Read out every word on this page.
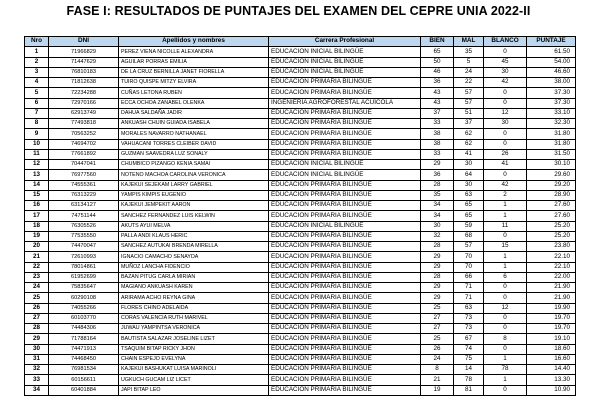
FASE I: RESULTADOS DE PUNTAJES DEL EXAMEN DEL CEPRE UNIA 2022-II
Nro	DNI	Apellidos y nombres	Carrera Profesional	BIEN	MAL	BLANCO	PUNTAJE
1	71966829	PEREZ VIENA NICOLLE ALEXANDRA	EDUCACION INICIAL BILINGÜE	65	35	0	61.50
2	71447629	AGUILAR PORRAS EMILIA	EDUCACION INICIAL BILINGÜE	50	5	45	54.00
3	76810183	DE LA CRUZ BERNILLA JANET FIORELLA	EDUCACION INICIAL BILINGÜE	46	24	30	46.60
4	71812638	TUIRO QUISPE MITZY ELVIRA	EDUCACION PRIMARIA BILINGÜE	36	22	42	38.00
5	72234288	CUÑAS LETONA RUBEN	EDUCACION PRIMARIA BILINGÜE	43	57	0	37.30
6	72970166	ECCA OCHOA ZANABEL OLENKA	INGENIERÍA AGROFORESTAL ACUÍCOLA	43	57	0	37.30
7	62913749	DAHUA SALDAÑA JADIR	EDUCACION PRIMARIA BILINGÜE	37	51	12	33.10
8	77493818	ANKUASH CHUIN GUIADA ISABELA	EDUCACION PRIMARIA BILINGÜE	33	37	30	32.30
9	70563252	MORALES NAVARRO NATHANAEL	EDUCACION PRIMARIA BILINGÜE	38	62	0	31.80
10	74694702	VAHUACANI TORRES CLEIBER DAVID	EDUCACION PRIMARIA BILINGÜE	38	62	0	31.80
11	77661892	GUZMAN SAAVEDRA LUZ SONALY	EDUCACION PRIMARIA BILINGÜE	33	41	26	31.50
12	70447041	CHUMBICO PIZANGO KENIA SAMAI	EDUCACION INICIAL BILINGÜE	29	30	41	30.10
13	76977560	NOTENO MACHOA CAROLINA VERONICA	EDUCACION INICIAL BILINGÜE	36	64	0	29.60
14	74555361	KAJEKUI SEJEKAM LARRY GABRIEL	EDUCACION PRIMARIA BILINGÜE	28	30	42	29.20
15	76313229	YAMPIS KIMPIS EUGENIO	EDUCACION PRIMARIA BILINGÜE	35	63	2	28.90
16	63134127	KAJEKUI JEMPEKIT AARON	EDUCACION PRIMARIA BILINGÜE	34	65	1	27.60
17	74751144	SANCHEZ FERNANDEZ LUIS KELWIN	EDUCACION PRIMARIA BILINGÜE	34	65	1	27.60
18	76305526	AKUTS AYUI MELVA	EDUCACION INICIAL BILINGÜE	30	59	11	25.20
19	77535550	PALLA ANDI KLAUS HERIC	EDUCACION PRIMARIA BILINGÜE	32	68	0	25.20
20	74470047	SANCHEZ AUTUKAI BRENDA MIRELLA	EDUCACION PRIMARIA BILINGÜE	28	57	15	23.80
21	72610993	IGNACIO CAMACHO SENAYDA	EDUCACION PRIMARIA BILINGÜE	29	70	1	22.10
22	78014861	MUÑOZ LANCHA FIDENCIO	EDUCACION PRIMARIA BILINGÜE	29	70	1	22.10
23	61952699	BAZAN PITUG CARLA MIRIAN	EDUCACION PRIMARIA BILINGÜE	28	66	6	22.00
24	75835647	MAGIANO ANKUASH KAREN	EDUCACION PRIMARIA BILINGÜE	29	71	0	21.90
25	60290108	ARIRAMA ACHO REYNA GINA	EDUCACION PRIMARIA BILINGÜE	29	71	0	21.90
26	74055266	FLORES CHINO ADELAIDA	EDUCACION PRIMARIA BILINGÜE	25	63	12	19.90
27	60103770	CORAS VALENCIA RUTH MARIVEL	EDUCACION PRIMARIA BILINGÜE	27	73	0	19.70
28	74484306	JUWAU YAMPINTSA VERONICA	EDUCACION PRIMARIA BILINGÜE	27	73	0	19.70
29	71788164	BAUTISTA SALAZAR JOSELINE LIZET	EDUCACION PRIMARIA BILINGÜE	25	67	8	19.10
30	74471913	TSAQUIM BITAP RICKY JHON	EDUCACION PRIMARIA BILINGÜE	26	74	0	18.60
31	74468450	CHAIN ESPEJO EVELYNA	EDUCACION PRIMARIA BILINGÜE	24	75	1	16.60
32	76981534	KAJEKUI BASHUKAT LUISA MARINOLI	EDUCACION PRIMARIA BILINGÜE	8	14	78	14.40
33	60156611	UGKUCH GUCAM LIZ LICET	EDUCACION PRIMARIA BILINGÜE	21	78	1	13.30
34	60401884	JAPI BITAP LEO	EDUCACION PRIMARIA BILINGÜE	19	81	0	10.90
